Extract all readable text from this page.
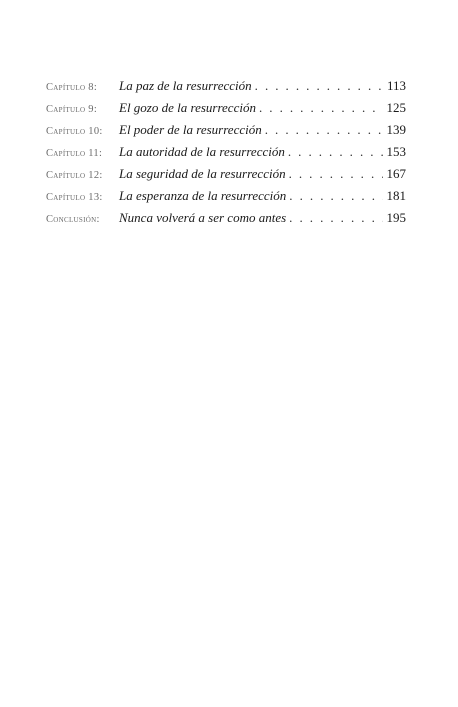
Capítulo 8:	La paz de la resurrección . . .	113
Capítulo 9:	El gozo de la resurrección . . .	125
Capítulo 10:	El poder de la resurrección . . .	139
Capítulo 11:	La autoridad de la resurrección . . .	153
Capítulo 12:	La seguridad de la resurrección . . .	167
Capítulo 13:	La esperanza de la resurrección . . .	181
Conclusión:	Nunca volverá a ser como antes . . .	195
